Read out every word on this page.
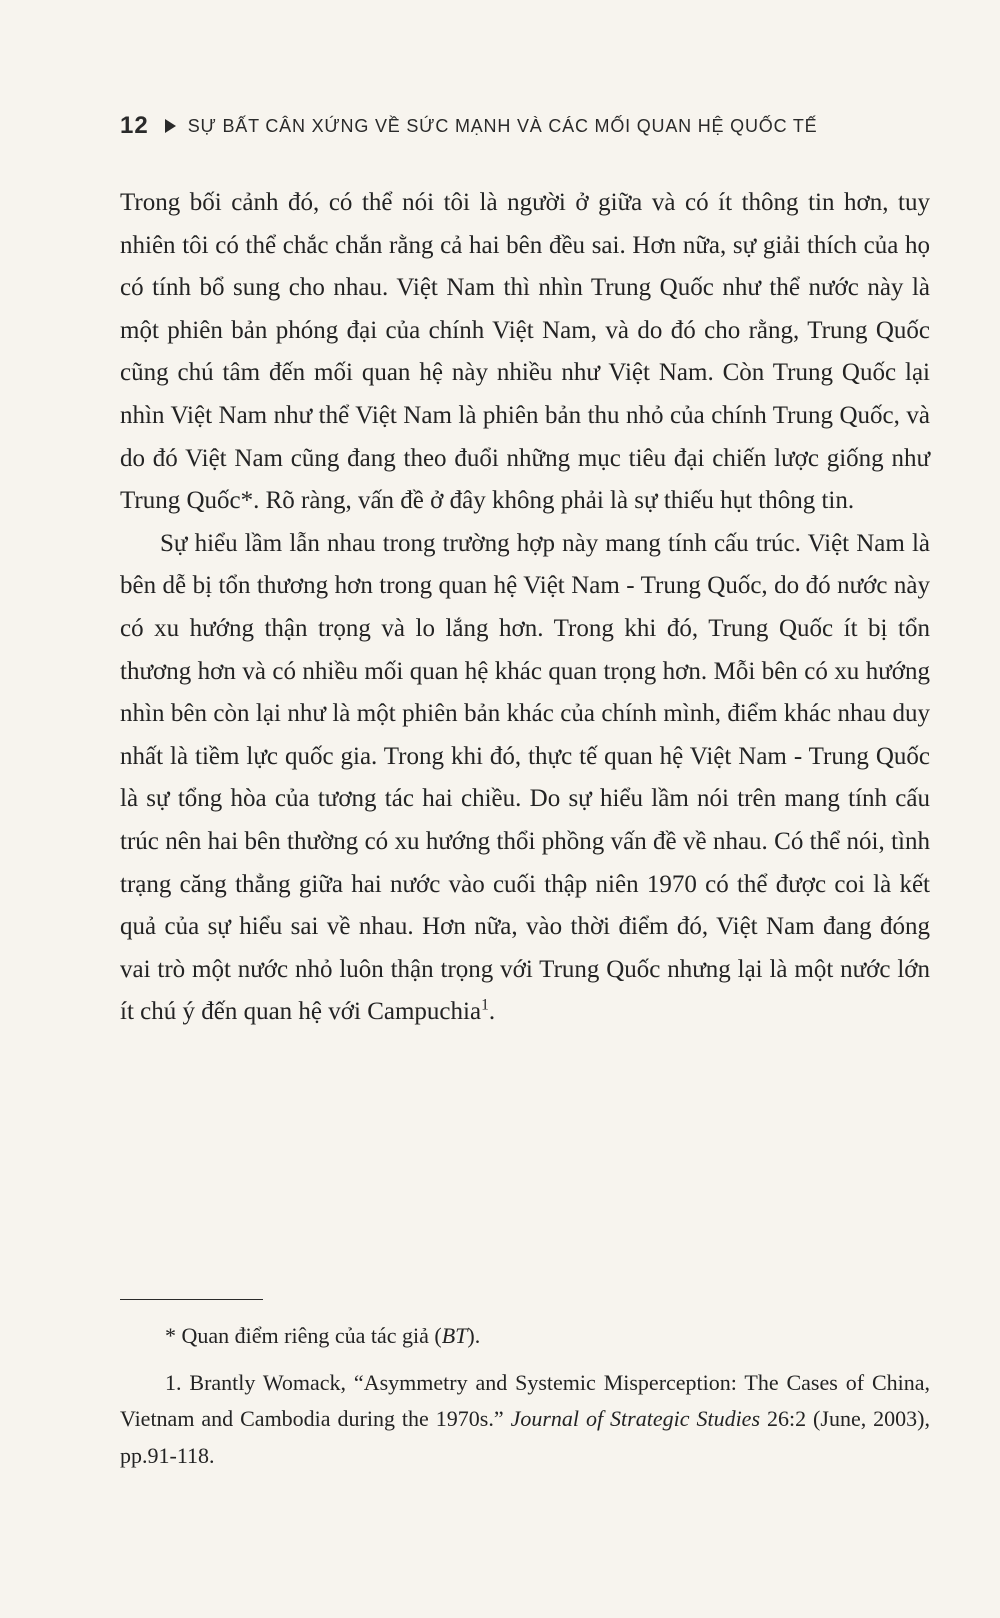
12 SỰ BẤT CÂN XỨNG VỀ SỨC MẠNH VÀ CÁC MỐI QUAN HỆ QUỐC TẾ

Trong bối cảnh đó, có thể nói tôi là người ở giữa và có ít thông tin hơn, tuy nhiên tôi có thể chắc chắn rằng cả hai bên đều sai. Hơn nữa, sự giải thích của họ có tính bổ sung cho nhau. Việt Nam thì nhìn Trung Quốc như thể nước này là một phiên bản phóng đại của chính Việt Nam, và do đó cho rằng, Trung Quốc cũng chú tâm đến mối quan hệ này nhiều như Việt Nam. Còn Trung Quốc lại nhìn Việt Nam như thể Việt Nam là phiên bản thu nhỏ của chính Trung Quốc, và do đó Việt Nam cũng đang theo đuổi những mục tiêu đại chiến lược giống như Trung Quốc*. Rõ ràng, vấn đề ở đây không phải là sự thiếu hụt thông tin.

Sự hiểu lầm lẫn nhau trong trường hợp này mang tính cấu trúc. Việt Nam là bên dễ bị tổn thương hơn trong quan hệ Việt Nam - Trung Quốc, do đó nước này có xu hướng thận trọng và lo lắng hơn. Trong khi đó, Trung Quốc ít bị tổn thương hơn và có nhiều mối quan hệ khác quan trọng hơn. Mỗi bên có xu hướng nhìn bên còn lại như là một phiên bản khác của chính mình, điểm khác nhau duy nhất là tiềm lực quốc gia. Trong khi đó, thực tế quan hệ Việt Nam - Trung Quốc là sự tổng hòa của tương tác hai chiều. Do sự hiểu lầm nói trên mang tính cấu trúc nên hai bên thường có xu hướng thổi phồng vấn đề về nhau. Có thể nói, tình trạng căng thẳng giữa hai nước vào cuối thập niên 1970 có thể được coi là kết quả của sự hiểu sai về nhau. Hơn nữa, vào thời điểm đó, Việt Nam đang đóng vai trò một nước nhỏ luôn thận trọng với Trung Quốc nhưng lại là một nước lớn ít chú ý đến quan hệ với Campuchia$^1$.

* Quan điểm riêng của tác giả (BT).

1. Brantly Womack, “Asymmetry and Systemic Misperception: The Cases of China, Vietnam and Cambodia during the 1970s.” Journal of Strategic Studies 26:2 (June, 2003), pp.91-118.
